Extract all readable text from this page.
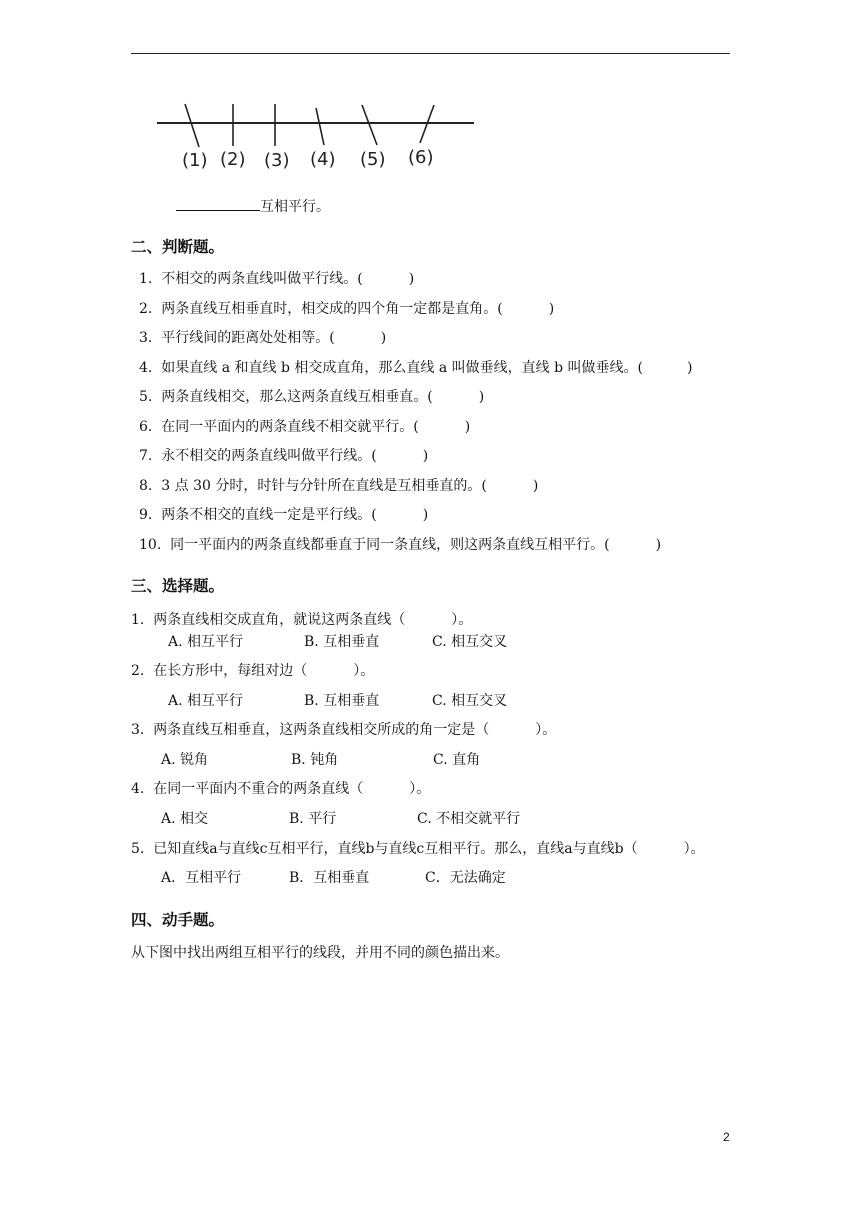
(1) (2) (3) (4) (5) (6)
互相平行。
二、判断题。
1. 不相交的两条直线叫做平行线。(	)
2. 两条直线互相垂直时，相交成的四个角一定都是直角。(	)
3. 平行线间的距离处处相等。(	)
4. 如果直线 a 和直线 b 相交成直角，那么直线 a 叫做垂线，直线 b 叫做垂线。(	)
5. 两条直线相交，那么这两条直线互相垂直。(	)
6. 在同一平面内的两条直线不相交就平行。(	)
7. 永不相交的两条直线叫做平行线。(	)
8. 3 点 30 分时，时针与分针所在直线是互相垂直的。(	)
9. 两条不相交的直线一定是平行线。(	)
10. 同一平面内的两条直线都垂直于同一条直线，则这两条直线互相平行。(	)
三、选择题。
1. 两条直线相交成直角，就说这两条直线（	）。
A. 相互平行	B. 互相垂直	C. 相互交叉
2. 在长方形中，每组对边（	）。
A. 相互平行	B. 互相垂直	C. 相互交叉
3. 两条直线互相垂直，这两条直线相交所成的角一定是（	）。
A. 锐角	B. 钝角	C. 直角
4. 在同一平面内不重合的两条直线（	）。
A. 相交	B. 平行	C. 不相交就平行
5. 已知直线a与直线c互相平行，直线b与直线c互相平行。那么，直线a与直线b（	）。
A．互相平行	B．互相垂直	C．无法确定
四、动手题。
从下图中找出两组互相平行的线段，并用不同的颜色描出来。
2
